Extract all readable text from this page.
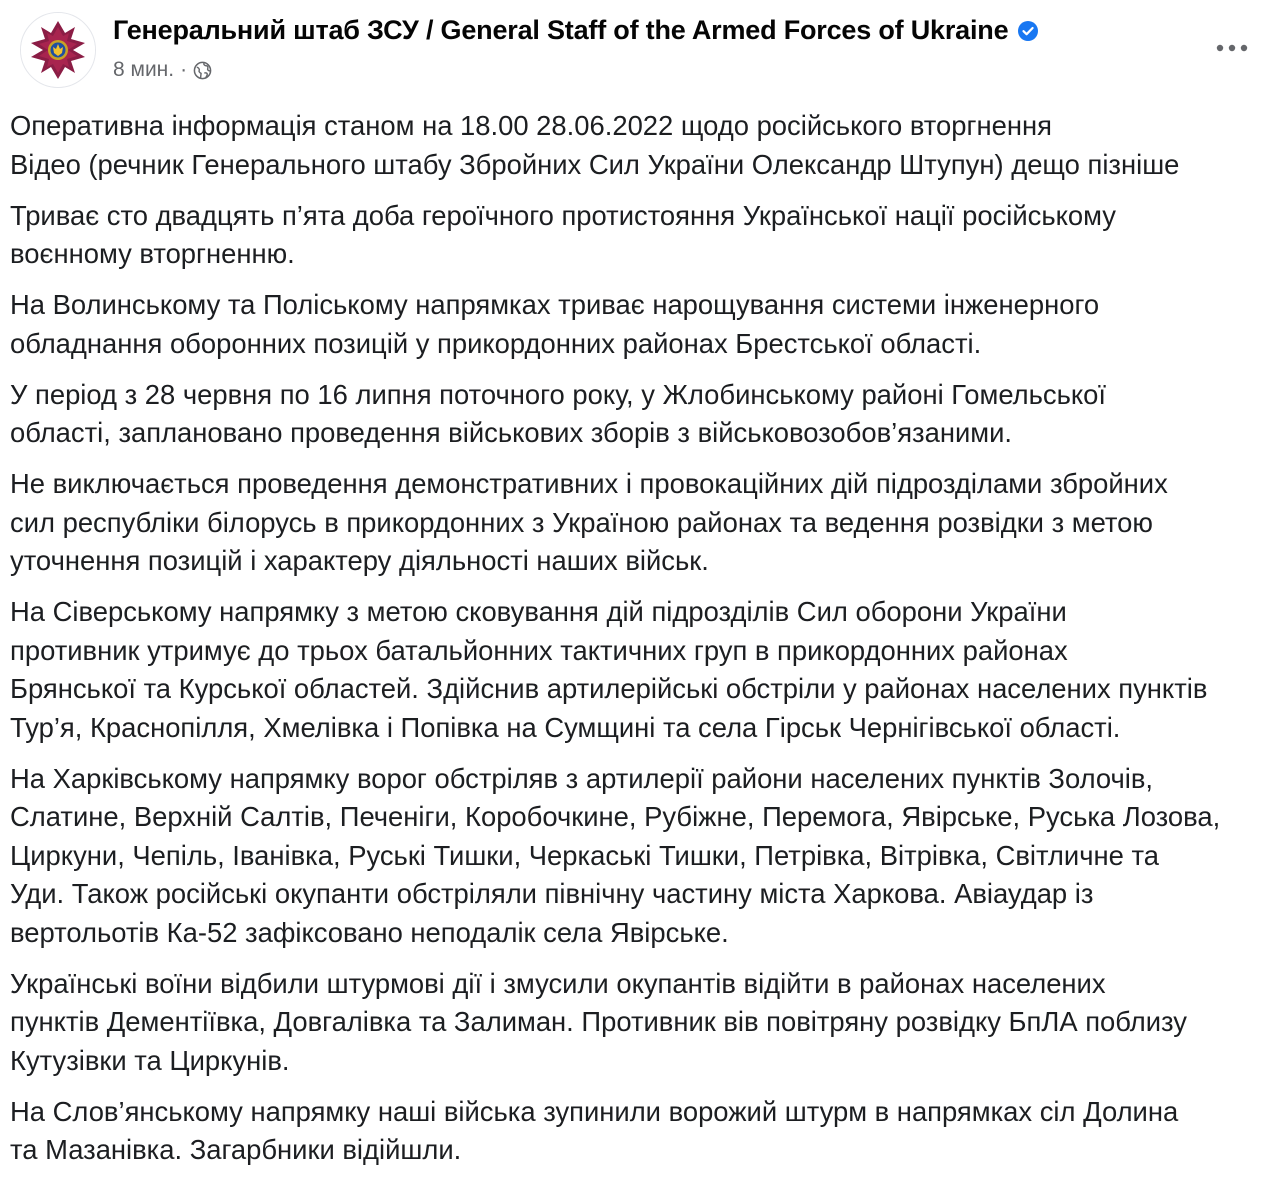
Генеральний штаб ЗСУ / General Staff of the Armed Forces of Ukraine
8 мин. ·

Оперативна інформація станом на 18.00 28.06.2022 щодо російського вторгнення
Відео (речник Генерального штабу Збройних Сил України Олександр Штупун) дещо пізніше

Триває сто двадцять п’ята доба героїчного протистояння Української нації російському
воєнному вторгненню.

На Волинському та Поліському напрямках триває нарощування системи інженерного
обладнання оборонних позицій у прикордонних районах Брестської області.

У період з 28 червня по 16 липня поточного року, у Жлобинському районі Гомельської
області, заплановано проведення військових зборів з військовозобов’язаними.

Не виключається проведення демонстративних і провокаційних дій підрозділами збройних
сил республіки білорусь в прикордонних з Україною районах та ведення розвідки з метою
уточнення позицій і характеру діяльності наших військ.

На Сіверському напрямку з метою сковування дій підрозділів Сил оборони України
противник утримує до трьох батальйонних тактичних груп в прикордонних районах
Брянської та Курської областей. Здійснив артилерійські обстріли у районах населених пунктів
Тур’я, Краснопілля, Хмелівка і Попівка на Сумщині та села Гірськ Чернігівської області.

На Харківському напрямку ворог обстріляв з артилерії райони населених пунктів Золочів,
Слатине, Верхній Салтів, Печеніги, Коробочкине, Рубіжне, Перемога, Явірське, Руська Лозова,
Циркуни, Чепіль, Іванівка, Руські Тишки, Черкаські Тишки, Петрівка, Вітрівка, Світличне та
Уди. Також російські окупанти обстріляли північну частину міста Харкова. Авіаудар із
вертольотів Ка-52 зафіксовано неподалік села Явірське.

Українські воїни відбили штурмові дії і змусили окупантів відійти в районах населених
пунктів Дементіївка, Довгалівка та Залиман. Противник вів повітряну розвідку БпЛА поблизу
Кутузівки та Циркунів.

На Слов’янському напрямку наші війська зупинили ворожий штурм в напрямках сіл Долина
та Мазанівка. Загарбники відійшли.
